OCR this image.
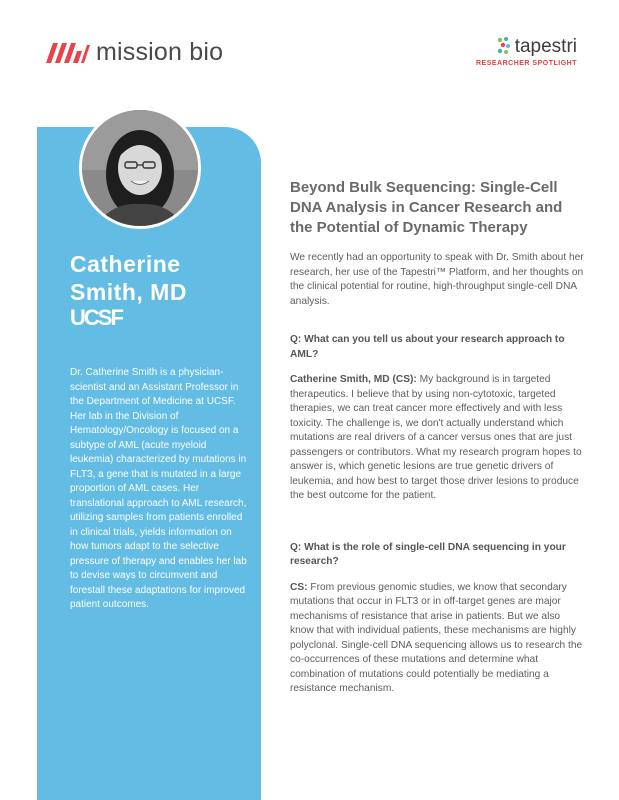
mission bio	tapestri
RESEARCHER SPOTLIGHT
Catherine
Smith, MD
UCSF

Dr. Catherine Smith is a physician-scientist and an Assistant Professor in the Department of Medicine at UCSF. Her lab in the Division of Hematology/Oncology is focused on a subtype of AML (acute myeloid leukemia) characterized by mutations in FLT3, a gene that is mutated in a large proportion of AML cases. Her translational approach to AML research, utilizing samples from patients enrolled in clinical trials, yields information on how tumors adapt to the selective pressure of therapy and enables her lab to devise ways to circumvent and forestall these adaptations for improved patient outcomes.

Beyond Bulk Sequencing: Single-Cell DNA Analysis in Cancer Research and the Potential of Dynamic Therapy

We recently had an opportunity to speak with Dr. Smith about her research, her use of the Tapestri™ Platform, and her thoughts on the clinical potential for routine, high-throughput single-cell DNA analysis.

Q: What can you tell us about your research approach to AML?

Catherine Smith, MD (CS): My background is in targeted therapeutics. I believe that by using non-cytotoxic, targeted therapies, we can treat cancer more effectively and with less toxicity. The challenge is, we don't actually understand which mutations are real drivers of a cancer versus ones that are just passengers or contributors. What my research program hopes to answer is, which genetic lesions are true genetic drivers of leukemia, and how best to target those driver lesions to produce the best outcome for the patient.

Q: What is the role of single-cell DNA sequencing in your research?

CS: From previous genomic studies, we know that secondary mutations that occur in FLT3 or in off-target genes are major mechanisms of resistance that arise in patients. But we also know that with individual patients, these mechanisms are highly polyclonal. Single-cell DNA sequencing allows us to research the co-occurrences of these mutations and determine what combination of mutations could potentially be mediating a resistance mechanism.
